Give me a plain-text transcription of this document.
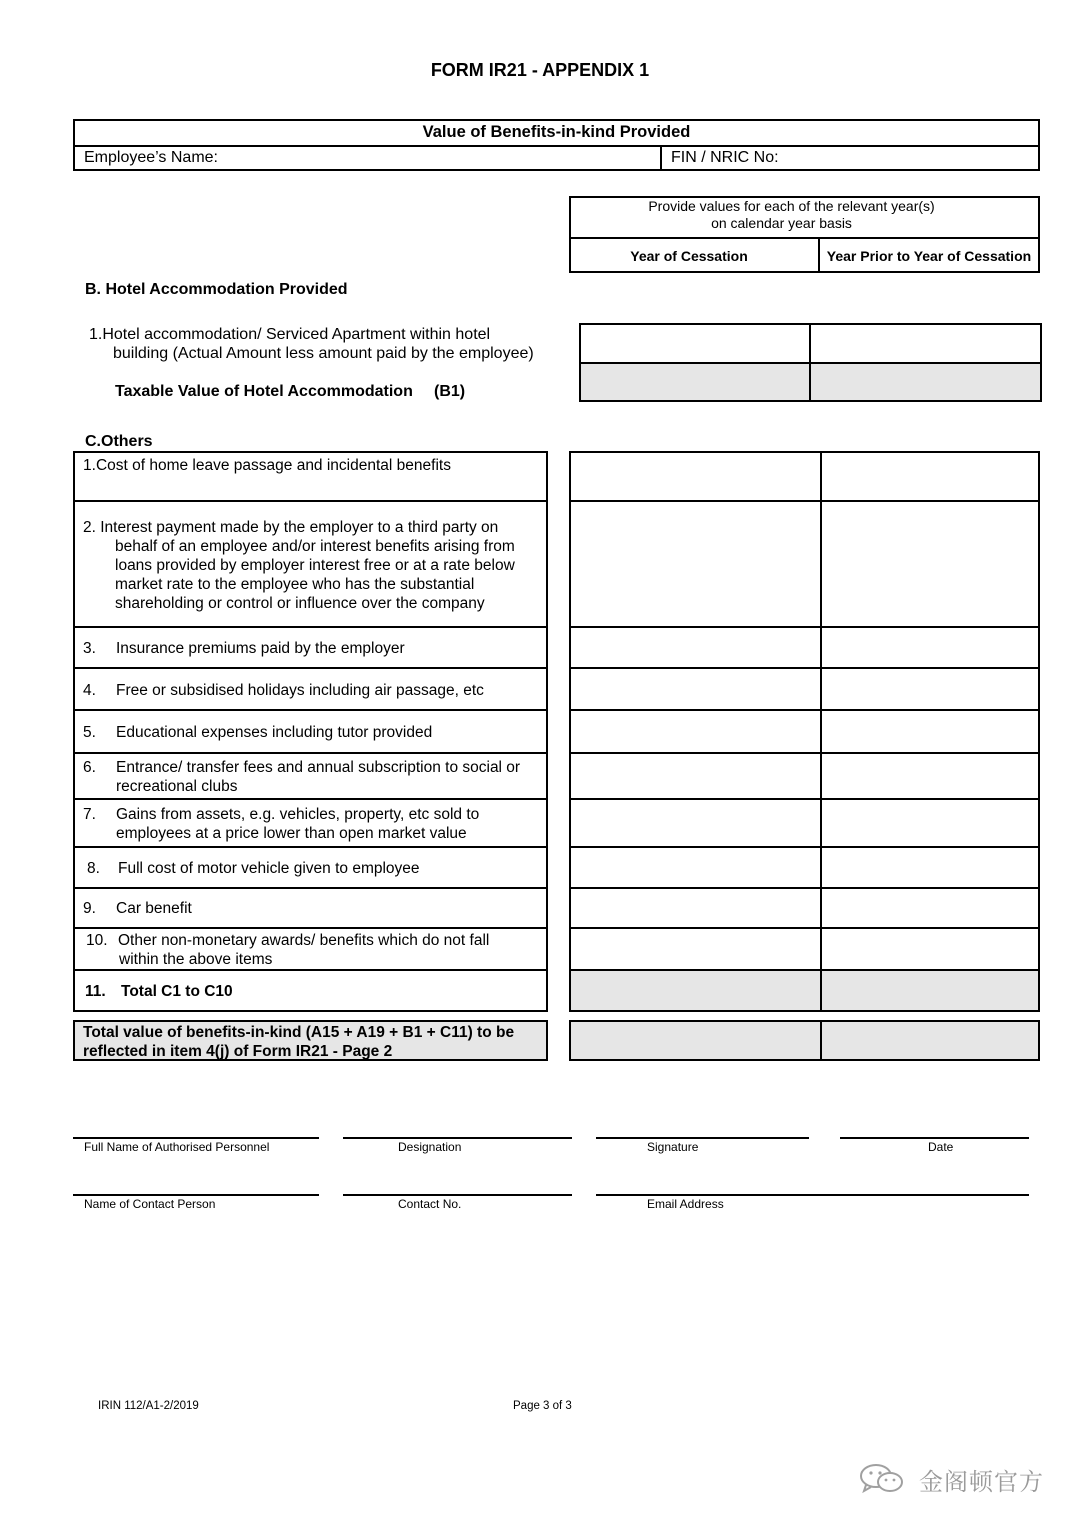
FORM IR21 - APPENDIX 1
Value of Benefits-in-kind Provided
Employee’s Name:	FIN / NRIC No:
Provide values for each of the relevant year(s)
on calendar year basis
Year of Cessation	Year Prior to Year of Cessation
B. Hotel Accommodation Provided
1.Hotel accommodation/ Serviced Apartment within hotel
building (Actual Amount less amount paid by the employee)
Taxable Value of Hotel Accommodation (B1)
C.Others
1.Cost of home leave passage and incidental benefits
2. Interest payment made by the employer to a third party on behalf of an employee and/or interest benefits arising from loans provided by employer interest free or at a rate below market rate to the employee who has the substantial shareholding or control or influence over the company
3. Insurance premiums paid by the employer
4. Free or subsidised holidays including air passage, etc
5. Educational expenses including tutor provided
6. Entrance/ transfer fees and annual subscription to social or recreational clubs
7. Gains from assets, e.g. vehicles, property, etc sold to employees at a price lower than open market value
8. Full cost of motor vehicle given to employee
9. Car benefit
10. Other non-monetary awards/ benefits which do not fall within the above items
11. Total C1 to C10
Total value of benefits-in-kind (A15 + A19 + B1 + C11) to be reflected in item 4(j) of Form IR21 - Page 2
Full Name of Authorised Personnel	Designation	Signature	Date
Name of Contact Person	Contact No.	Email Address
IRIN 112/A1-2/2019	Page 3 of 3
金阁顿官方
